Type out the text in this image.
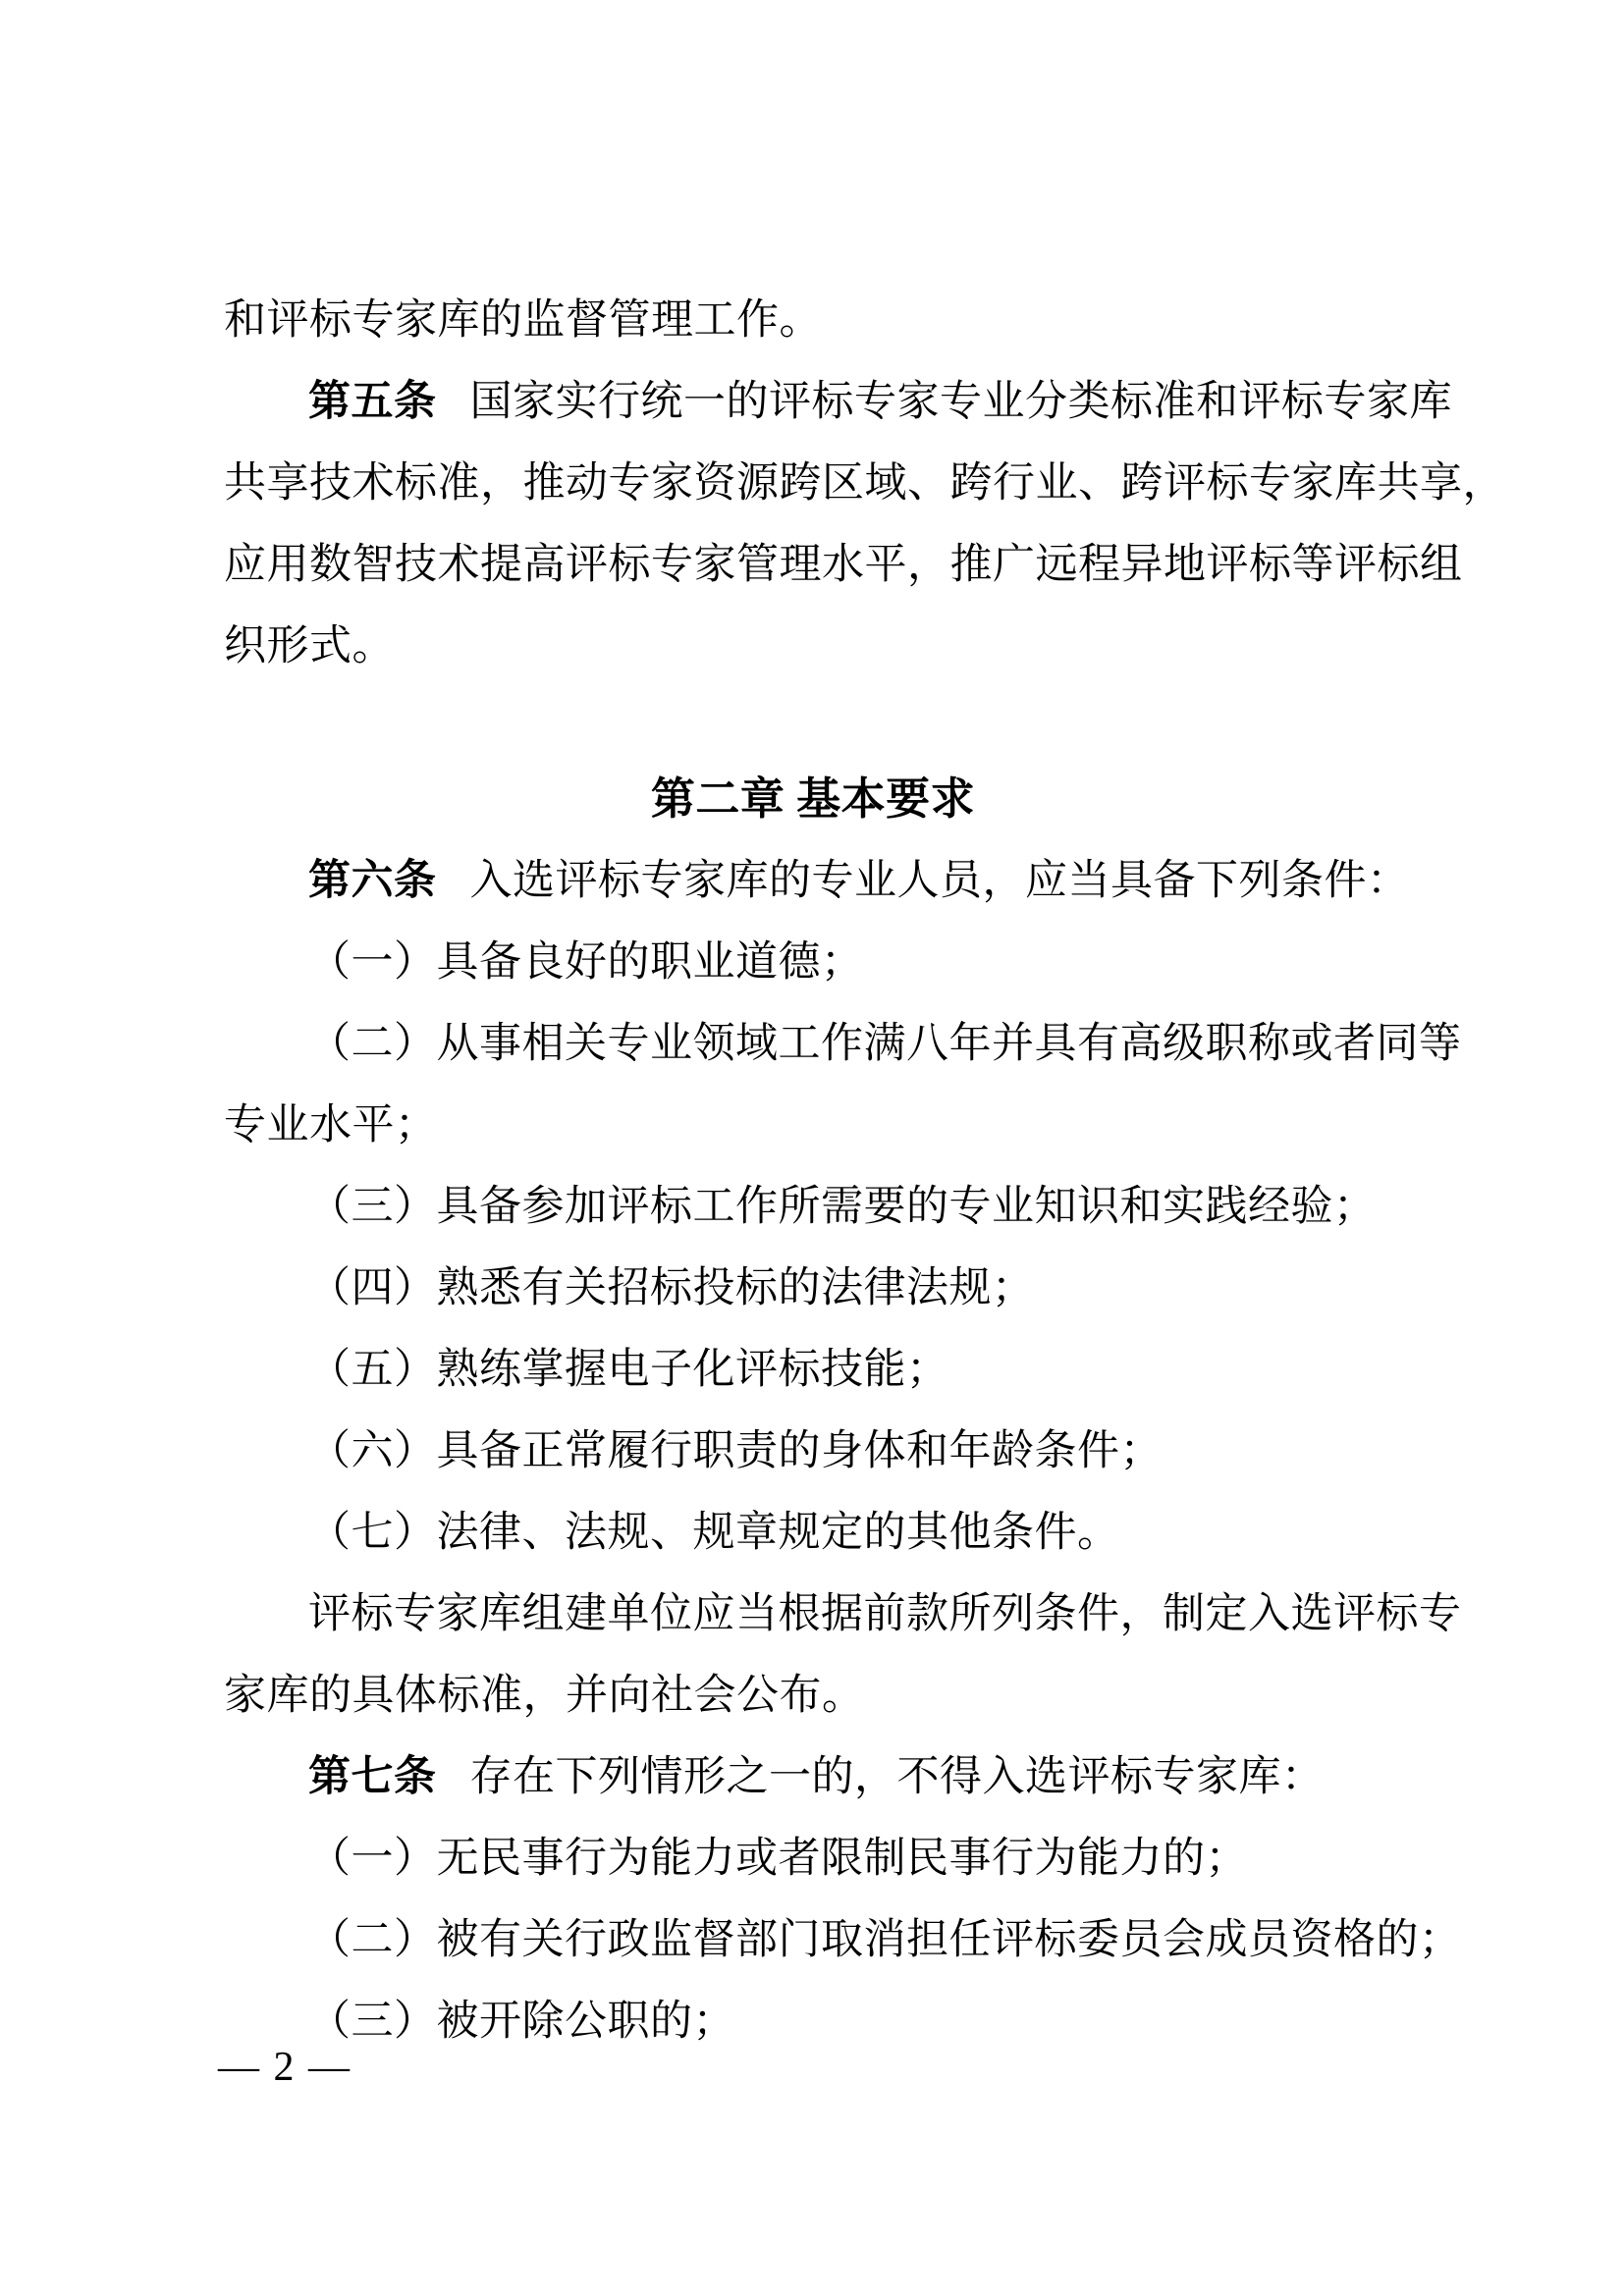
和评标专家库的监督管理工作。
第五条 国家实行统一的评标专家专业分类标准和评标专家库
共享技术标准，推动专家资源跨区域、跨行业、跨评标专家库共享，
应用数智技术提高评标专家管理水平，推广远程异地评标等评标组
织形式。
第二章 基本要求
第六条 入选评标专家库的专业人员，应当具备下列条件：
（一）具备良好的职业道德；
（二）从事相关专业领域工作满八年并具有高级职称或者同等
专业水平；
（三）具备参加评标工作所需要的专业知识和实践经验；
（四）熟悉有关招标投标的法律法规；
（五）熟练掌握电子化评标技能；
（六）具备正常履行职责的身体和年龄条件；
（七）法律、法规、规章规定的其他条件。
评标专家库组建单位应当根据前款所列条件，制定入选评标专
家库的具体标准，并向社会公布。
第七条 存在下列情形之一的，不得入选评标专家库：
（一）无民事行为能力或者限制民事行为能力的；
（二）被有关行政监督部门取消担任评标委员会成员资格的；
（三）被开除公职的；
— 2 —
